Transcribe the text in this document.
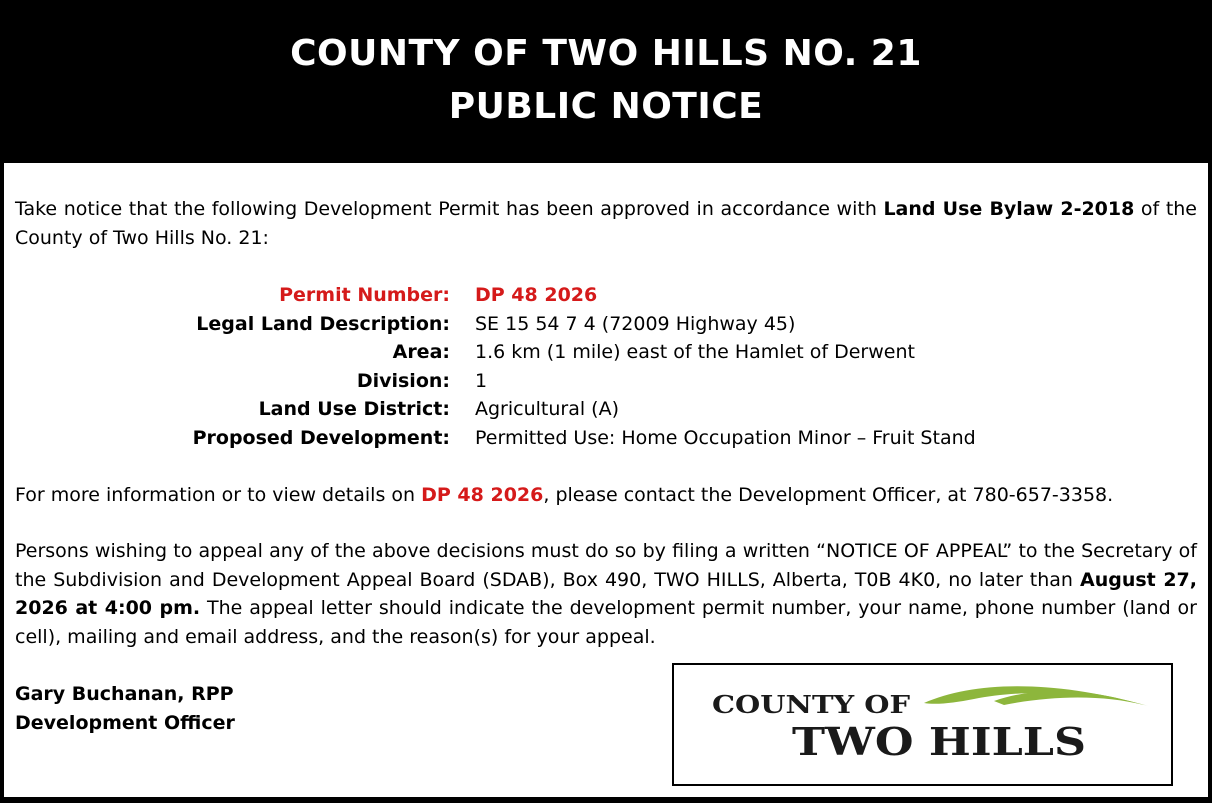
COUNTY OF TWO HILLS NO. 21
PUBLIC NOTICE
Take notice that the following Development Permit has been approved in accordance with Land Use Bylaw 2-2018 of the County of Two Hills No. 21:
Permit Number: DP 48 2026
Legal Land Description: SE 15 54 7 4 (72009 Highway 45)
Area: 1.6 km (1 mile) east of the Hamlet of Derwent
Division: 1
Land Use District: Agricultural (A)
Proposed Development: Permitted Use: Home Occupation Minor – Fruit Stand
For more information or to view details on DP 48 2026, please contact the Development Officer, at 780-657-3358.
Persons wishing to appeal any of the above decisions must do so by filing a written “NOTICE OF APPEAL” to the Secretary of the Subdivision and Development Appeal Board (SDAB), Box 490, TWO HILLS, Alberta, T0B 4K0, no later than August 27, 2026 at 4:00 pm. The appeal letter should indicate the development permit number, your name, phone number (land or cell), mailing and email address, and the reason(s) for your appeal.
Gary Buchanan, RPP
Development Officer
COUNTY OF
TWO HILLS
